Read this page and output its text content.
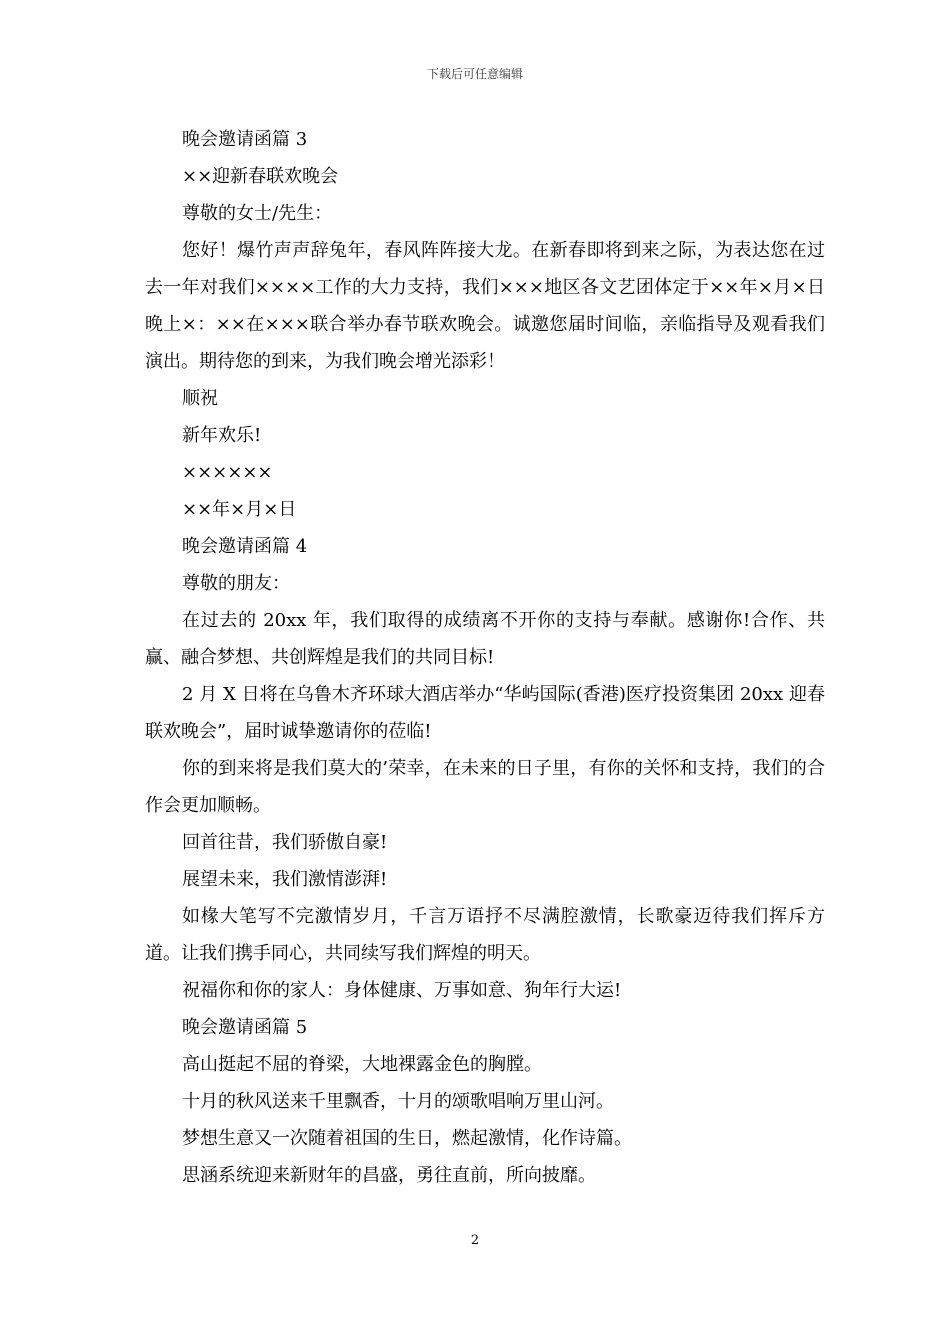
下载后可任意编辑

晚会邀请函篇 3

××迎新春联欢晚会

尊敬的女士/先生：

您好！爆竹声声辞兔年，春风阵阵接大龙。在新春即将到来之际，为表达您在过去一年对我们××××工作的大力支持，我们×××地区各文艺团体定于××年×月×日晚上×：××在×××联合举办春节联欢晚会。诚邀您届时间临，亲临指导及观看我们演出。期待您的到来，为我们晚会增光添彩！

顺祝

新年欢乐!

××××××

××年×月×日

晚会邀请函篇 4

尊敬的朋友：

在过去的 20xx 年，我们取得的成绩离不开你的支持与奉献。感谢你!合作、共赢、融合梦想、共创辉煌是我们的共同目标!

2 月 X 日将在乌鲁木齐环球大酒店举办“华屿国际(香港)医疗投资集团 20xx 迎春联欢晚会”，届时诚挚邀请你的莅临!

你的到来将是我们莫大的’荣幸，在未来的日子里，有你的关怀和支持，我们的合作会更加顺畅。

回首往昔，我们骄傲自豪!

展望未来，我们激情澎湃!

如椽大笔写不完激情岁月，千言万语抒不尽满腔激情，长歌豪迈待我们挥斥方道。让我们携手同心，共同续写我们辉煌的明天。

祝福你和你的家人：身体健康、万事如意、狗年行大运!

晚会邀请函篇 5

高山挺起不屈的脊梁，大地裸露金色的胸膛。

十月的秋风送来千里飘香，十月的颂歌唱响万里山河。

梦想生意又一次随着祖国的生日，燃起激情，化作诗篇。

思涵系统迎来新财年的昌盛，勇往直前，所向披靡。

2
